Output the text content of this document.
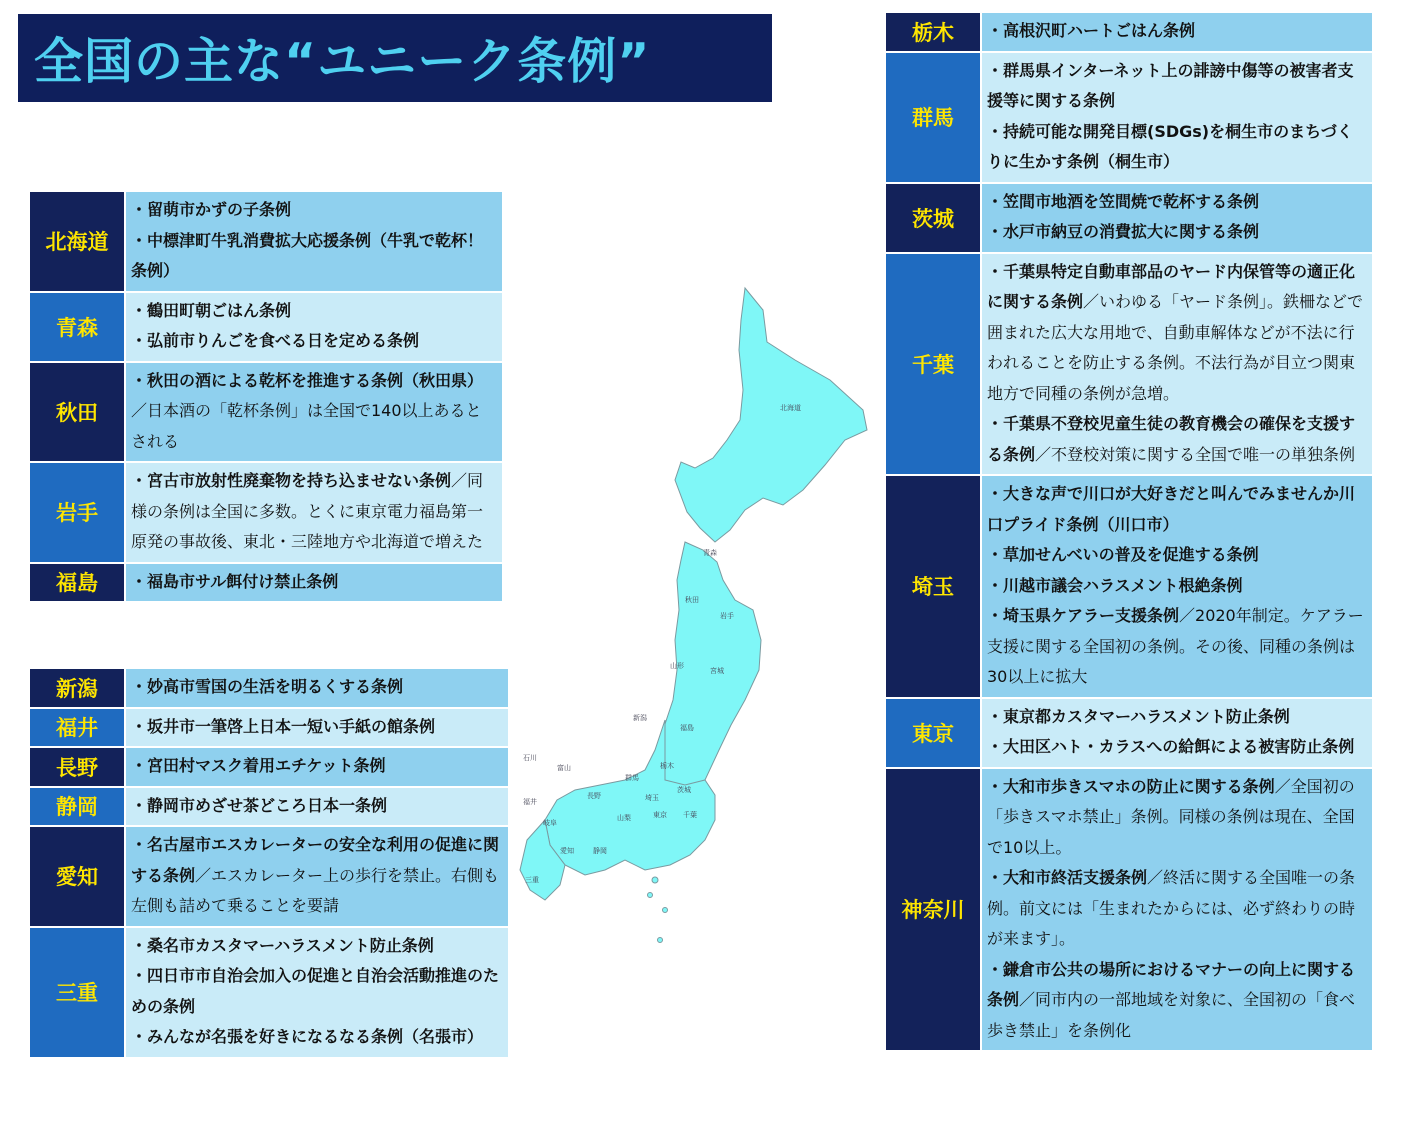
全国の主な“ユニーク条例”
北海道
青森
秋田
岩手
山形
宮城
新潟
福島
石川
富山
群馬
栃木
茨城
長野	埼玉
福井
岐阜
山梨	東京 千葉
愛知	静岡
三重
北海道	・留萌市かずの子条例
・中標津町牛乳消費拡大応援条例（牛乳で乾杯！条例）

青森	・鶴田町朝ごはん条例
・弘前市りんごを食べる日を定める条例

秋田	・秋田の酒による乾杯を推進する条例（秋田県）／日本酒の「乾杯条例」は全国で140以上あるとされる

岩手	・宮古市放射性廃棄物を持ち込ませない条例／同様の条例は全国に多数。とくに東京電力福島第一原発の事故後、東北・三陸地方や北海道で増えた

福島	・福島市サル餌付け禁止条例
新潟	・妙高市雪国の生活を明るくする条例

福井	・坂井市一筆啓上日本一短い手紙の館条例

長野	・宮田村マスク着用エチケット条例

静岡	・静岡市めざせ茶どころ日本一条例

愛知	・名古屋市エスカレーターの安全な利用の促進に関する条例／エスカレーター上の歩行を禁止。右側も左側も詰めて乗ることを要請

三重	・桑名市カスタマーハラスメント防止条例
・四日市市自治会加入の促進と自治会活動推進のための条例
・みんなが名張を好きになるなる条例（名張市）
栃木	・高根沢町ハートごはん条例

群馬	・群馬県インターネット上の誹謗中傷等の被害者支援等に関する条例
・持続可能な開発目標(SDGs)を桐生市のまちづくりに生かす条例（桐生市）

茨城	・笠間市地酒を笠間焼で乾杯する条例
・水戸市納豆の消費拡大に関する条例

千葉	・千葉県特定自動車部品のヤード内保管等の適正化に関する条例／いわゆる「ヤード条例」。鉄柵などで囲まれた広大な用地で、自動車解体などが不法に行われることを防止する条例。不法行為が目立つ関東地方で同種の条例が急増。
・千葉県不登校児童生徒の教育機会の確保を支援する条例／不登校対策に関する全国で唯一の単独条例

埼玉	・大きな声で川口が大好きだと叫んでみませんか川口プライド条例（川口市）
・草加せんべいの普及を促進する条例
・川越市議会ハラスメント根絶条例
・埼玉県ケアラー支援条例／2020年制定。ケアラー支援に関する全国初の条例。その後、同種の条例は30以上に拡大

東京	・東京都カスタマーハラスメント防止条例
・大田区ハト・カラスへの給餌による被害防止条例

神奈川	・大和市歩きスマホの防止に関する条例／全国初の「歩きスマホ禁止」条例。同様の条例は現在、全国で10以上。
・大和市終活支援条例／終活に関する全国唯一の条例。前文には「生まれたからには、必ず終わりの時が来ます」。
・鎌倉市公共の場所におけるマナーの向上に関する条例／同市内の一部地域を対象に、全国初の「食べ歩き禁止」を条例化
